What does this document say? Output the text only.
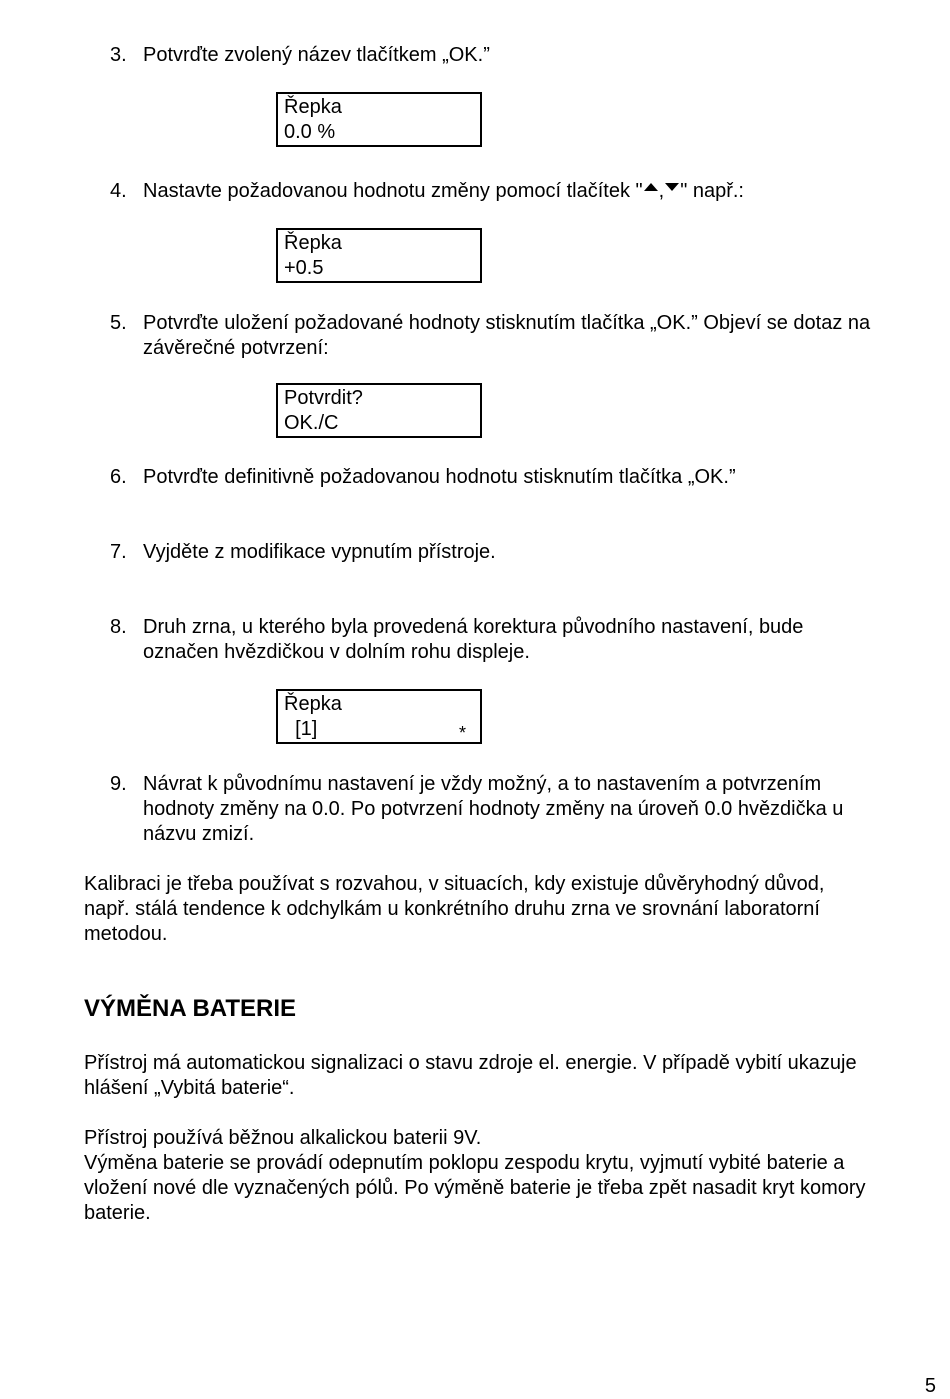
3. Potvrďte zvolený název tlačítkem „OK.”
Řepka
0.0 %
4. Nastavte požadovanou hodnotu změny pomocí tlačítek " , " např.:
Řepka
+0.5
5. Potvrďte uložení požadované hodnoty stisknutím tlačítka „OK.” Objeví se dotaz na
závěrečné potvrzení:
Potvrdit?
OK./C
6. Potvrďte definitivně požadovanou hodnotu stisknutím tlačítka „OK.”
7. Vyjděte z modifikace vypnutím přístroje.
8. Druh zrna, u kterého byla provedená korektura původního nastavení, bude
označen hvězdičkou v dolním rohu displeje.
Řepka
[1]	*
9. Návrat k původnímu nastavení je vždy možný, a to nastavením a potvrzením
hodnoty změny na 0.0. Po potvrzení hodnoty změny na úroveň 0.0 hvězdička u
názvu zmizí.
Kalibraci je třeba používat s rozvahou, v situacích, kdy existuje důvěryhodný důvod,
např. stálá tendence k odchylkám u konkrétního druhu zrna ve srovnání laboratorní
metodou.
VÝMĚNA BATERIE
Přístroj má automatickou signalizaci o stavu zdroje el. energie. V případě vybití ukazuje
hlášení „Vybitá baterie“.
Přístroj používá běžnou alkalickou baterii 9V.
Výměna baterie se provádí odepnutím poklopu zespodu krytu, vyjmutí vybité baterie a
vložení nové dle vyznačených pólů. Po výměně baterie je třeba zpět nasadit kryt komory
baterie.
5
